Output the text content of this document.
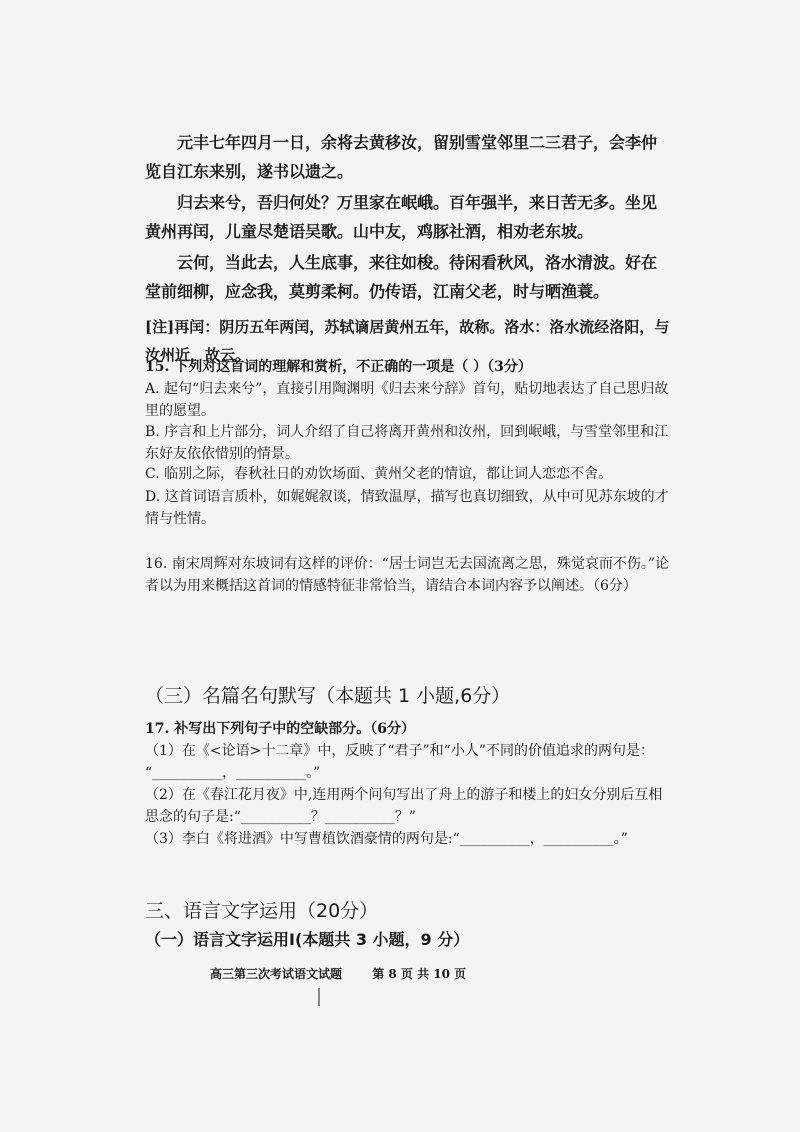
元丰七年四月一日，余将去黄移汝，留别雪堂邻里二三君子，会李仲览自江东来别，遂书以遗之。

归去来兮，吾归何处？万里家在岷峨。百年强半，来日苦无多。坐见黄州再闰，儿童尽楚语吴歌。山中友，鸡豚社酒，相劝老东坡。

云何，当此去，人生底事，来往如梭。待闲看秋风，洛水清波。好在堂前细柳，应念我，莫剪柔柯。仍传语，江南父老，时与晒渔蓑。

[注]再闰：阴历五年两闰，苏轼谪居黄州五年，故称。洛水：洛水流经洛阳，与汝州近，故云。

15. 下列对这首词的理解和赏析，不正确的一项是（ ）（3分）

A. 起句“归去来兮”，直接引用陶渊明《归去来兮辞》首句，贴切地表达了自己思归故里的愿望。

B. 序言和上片部分，词人介绍了自己将离开黄州和汝州，回到岷峨，与雪堂邻里和江东好友依依惜别的情景。

C. 临别之际，春秋社日的劝饮场面、黄州父老的情谊，都让词人恋恋不舍。

D. 这首词语言质朴，如娓娓叙谈，情致温厚，描写也真切细致，从中可见苏东坡的才情与性情。

16. 南宋周辉对东坡词有这样的评价：“居士词岂无去国流离之思，殊觉哀而不伤。”论者以为用来概括这首词的情感特征非常恰当，请结合本词内容予以阐述。（6分）

（三）名篇名句默写（本题共 1 小题,6分）

17. 补写出下列句子中的空缺部分。（6分）

（1）在《<论语>十二章》中，反映了“君子”和“小人”不同的价值追求的两句是：

“__________，__________。”

（2）在《春江花月夜》中,连用两个问句写出了舟上的游子和楼上的妇女分别后互相思念的句子是:“__________？__________？”

（3）李白《将进酒》中写曹植饮酒豪情的两句是:“__________，__________。”

三、语言文字运用（20分）

（一）语言文字运用Ⅰ(本题共 3 小题，9 分）

高三第三次考试语文试题	第 8 页 共 10 页
